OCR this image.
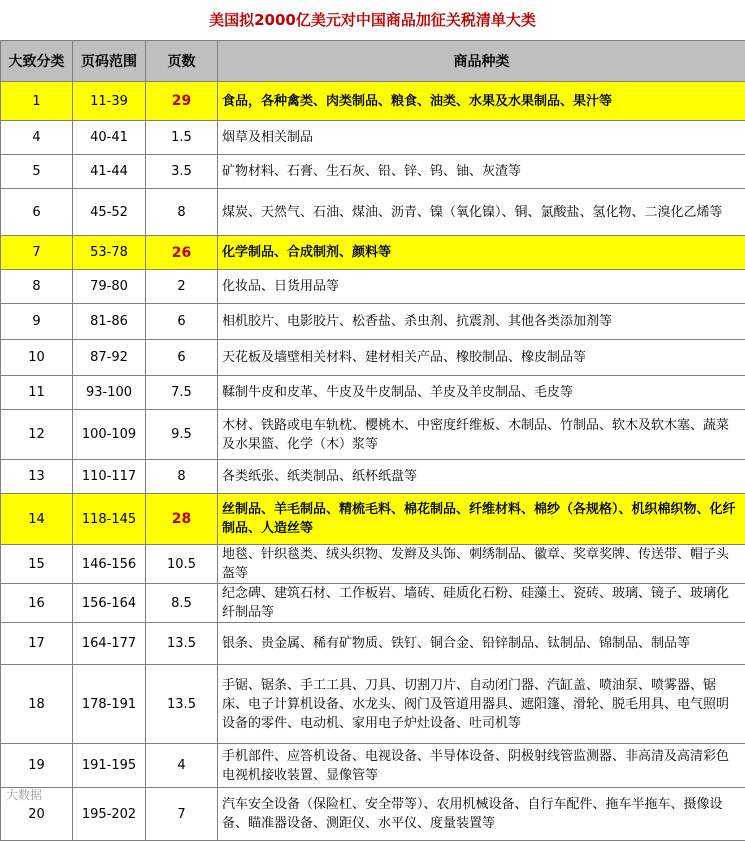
美国拟2000亿美元对中国商品加征关税清单大类
大致分类	页码范围	页数	商品种类
1	11-39	29	食品，各种禽类、肉类制品、粮食、油类、水果及水果制品、果汁等
4	40-41	1.5	烟草及相关制品
5	41-44	3.5	矿物材料、石膏、生石灰、铅、锌、钨、铀、灰渣等
6	45-52	8	煤炭、天然气、石油、煤油、沥青、镍（氧化镍）、铜、氯酸盐、氢化物、二溴化乙烯等
7	53-78	26	化学制品、合成制剂、颜料等
8	79-80	2	化妆品、日货用品等
9	81-86	6	相机胶片、电影胶片、松香盐、杀虫剂、抗震剂、其他各类添加剂等
10	87-92	6	天花板及墙壁相关材料、建材相关产品、橡胶制品、橡皮制品等
11	93-100	7.5	鞣制牛皮和皮革、牛皮及牛皮制品、羊皮及羊皮制品、毛皮等
12	100-109	9.5	木材、铁路或电车轨枕、樱桃木、中密度纤维板、木制品、竹制品、软木及软木塞、蔬菜及水果篮、化学（木）浆等
13	110-117	8	各类纸张、纸类制品、纸杯纸盘等
14	118-145	28	丝制品、羊毛制品、精梳毛料、棉花制品、纤维材料、棉纱（各规格）、机织棉织物、化纤制品、人造丝等
15	146-156	10.5	地毯、针织毯类、绒头织物、发辫及头饰、刺绣制品、徽章、奖章奖牌、传送带、帽子头盔等
16	156-164	8.5	纪念碑、建筑石材、工作板岩、墙砖、硅质化石粉、硅藻土、瓷砖、玻璃、镜子、玻璃化纤制品等
17	164-177	13.5	银条、贵金属、稀有矿物质、铁钉、铜合金、铅锌制品、钛制品、锦制品、制品等
18	178-191	13.5	手锯、锯条、手工工具、刀具、切割刀片、自动闭门器、汽缸盖、喷油泵、喷雾器、锯床、电子计算机设备、水龙头、阀门及管道用器具、遮阳篷、滑轮、脱毛用具、电气照明设备的零件、电动机、家用电子炉灶设备、吐司机等
19	191-195	4	手机部件、应答机设备、电视设备、半导体设备、阴极射线管监测器、非高清及高清彩色电视机接收装置、显像管等
20	195-202	7	汽车安全设备（保险杠、安全带等）、农用机械设备、自行车配件、拖车半拖车、摄像设备、瞄准器设备、测距仪、水平仪、度量装置等
大数据
